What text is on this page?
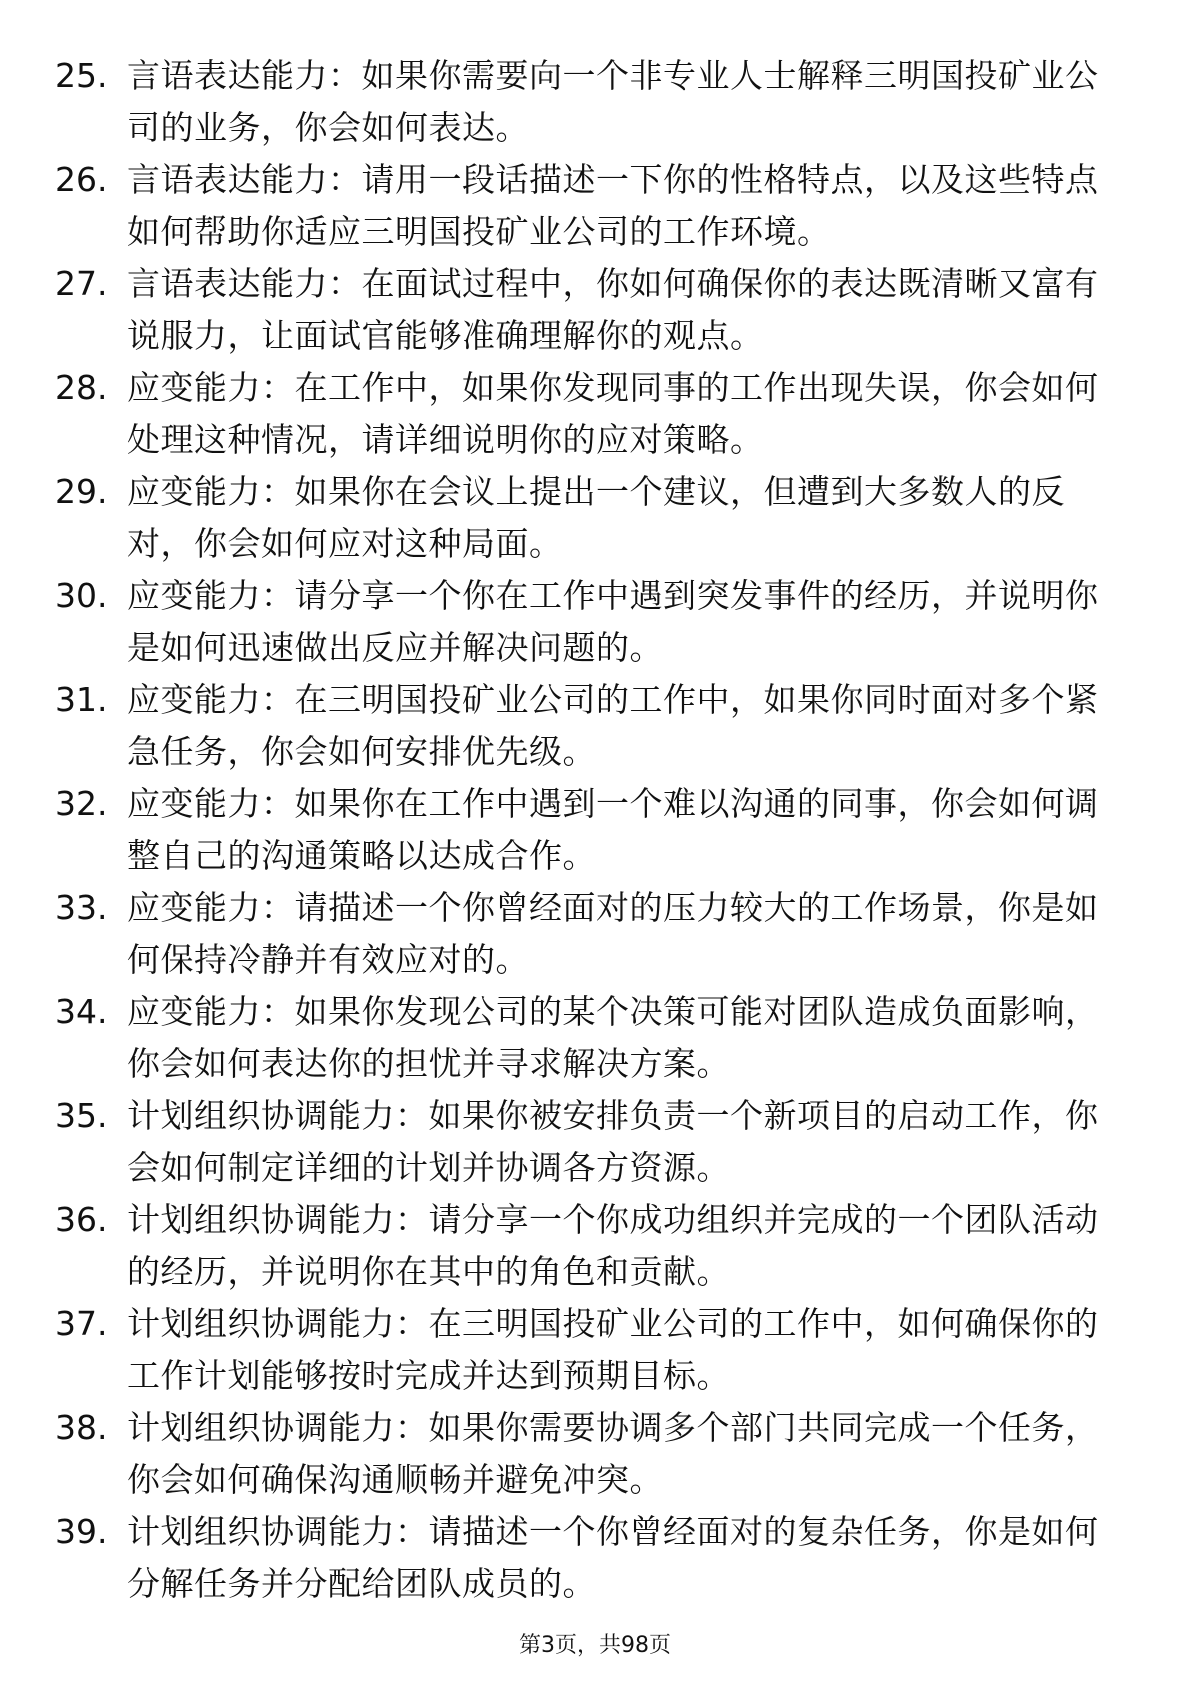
25. 言语表达能力：如果你需要向一个非专业人士解释三明国投矿业公司的业务，你会如何表达。
26. 言语表达能力：请用一段话描述一下你的性格特点，以及这些特点如何帮助你适应三明国投矿业公司的工作环境。
27. 言语表达能力：在面试过程中，你如何确保你的表达既清晰又富有说服力，让面试官能够准确理解你的观点。
28. 应变能力：在工作中，如果你发现同事的工作出现失误，你会如何处理这种情况，请详细说明你的应对策略。
29. 应变能力：如果你在会议上提出一个建议，但遭到大多数人的反对，你会如何应对这种局面。
30. 应变能力：请分享一个你在工作中遇到突发事件的经历，并说明你是如何迅速做出反应并解决问题的。
31. 应变能力：在三明国投矿业公司的工作中，如果你同时面对多个紧急任务，你会如何安排优先级。
32. 应变能力：如果你在工作中遇到一个难以沟通的同事，你会如何调整自己的沟通策略以达成合作。
33. 应变能力：请描述一个你曾经面对的压力较大的工作场景，你是如何保持冷静并有效应对的。
34. 应变能力：如果你发现公司的某个决策可能对团队造成负面影响，你会如何表达你的担忧并寻求解决方案。
35. 计划组织协调能力：如果你被安排负责一个新项目的启动工作，你会如何制定详细的计划并协调各方资源。
36. 计划组织协调能力：请分享一个你成功组织并完成的一个团队活动的经历，并说明你在其中的角色和贡献。
37. 计划组织协调能力：在三明国投矿业公司的工作中，如何确保你的工作计划能够按时完成并达到预期目标。
38. 计划组织协调能力：如果你需要协调多个部门共同完成一个任务，你会如何确保沟通顺畅并避免冲突。
39. 计划组织协调能力：请描述一个你曾经面对的复杂任务，你是如何分解任务并分配给团队成员的。
第3页，共98页
